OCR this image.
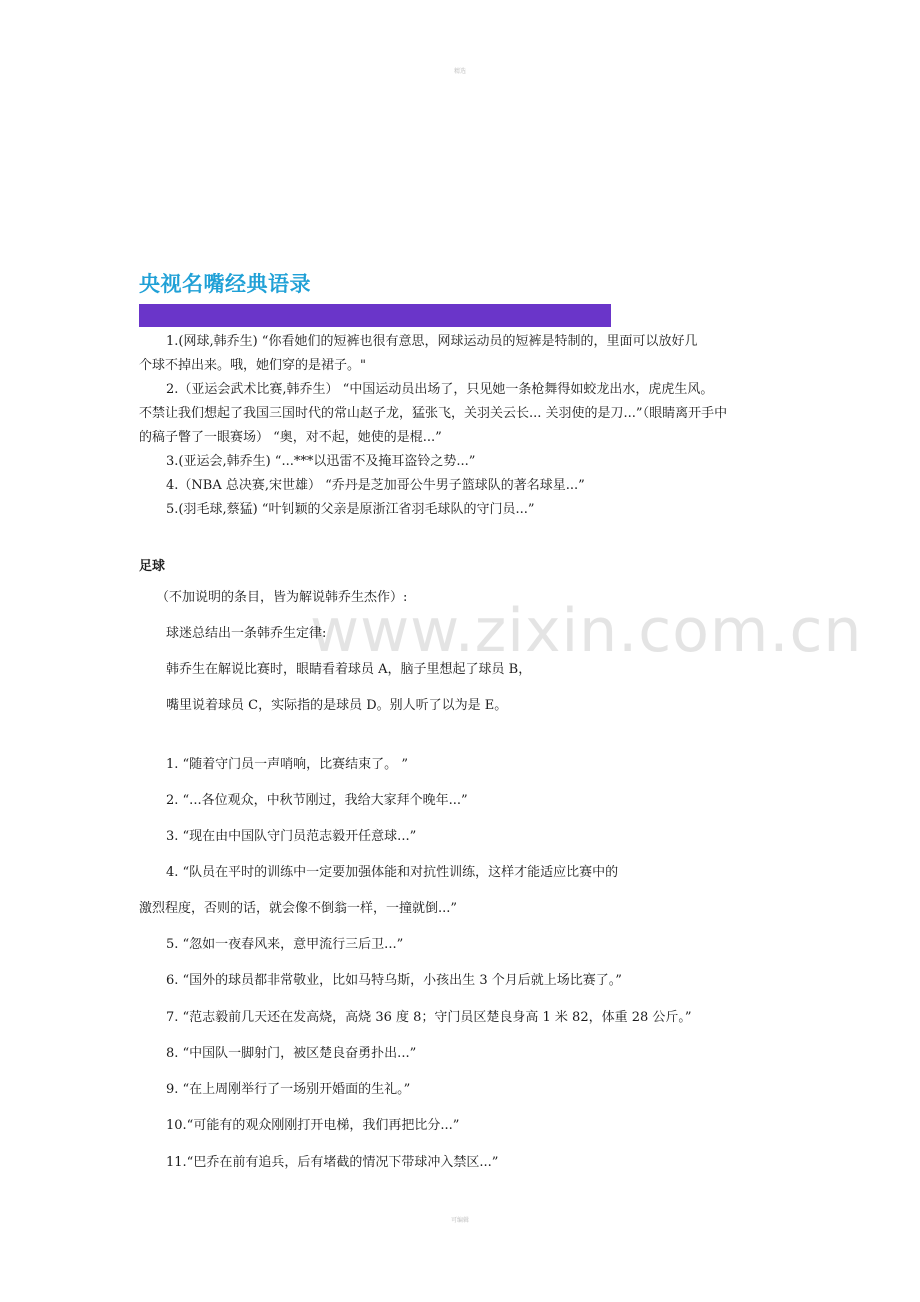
精选
www.zixin.com.cn
央视名嘴经典语录

1.(网球,韩乔生) “你看她们的短裤也很有意思，网球运动员的短裤是特制的，里面可以放好几

个球不掉出来。哦，她们穿的是裙子。"

2.（亚运会武术比赛,韩乔生） “中国运动员出场了，只见她一条枪舞得如蛟龙出水，虎虎生风。

不禁让我们想起了我国三国时代的常山赵子龙，猛张飞，关羽关云长... 关羽使的是刀...”（眼睛离开手中

的稿子瞥了一眼赛场） “奥，对不起，她使的是棍...”

3.(亚运会,韩乔生) “...***以迅雷不及掩耳盗铃之势...”

4.（NBA 总决赛,宋世雄） “乔丹是芝加哥公牛男子篮球队的著名球星...”

5.(羽毛球,蔡猛) “叶钊颖的父亲是原浙江省羽毛球队的守门员...”

足球

（不加说明的条目，皆为解说韩乔生杰作）:

球迷总结出一条韩乔生定律:

韩乔生在解说比赛时，眼睛看着球员 A，脑子里想起了球员 B，

嘴里说着球员 C，实际指的是球员 D。别人听了以为是 E。

1. “随着守门员一声哨响，比赛结束了。 ”

2. “...各位观众，中秋节刚过，我给大家拜个晚年...”

3. “现在由中国队守门员范志毅开任意球...”

4. “队员在平时的训练中一定要加强体能和对抗性训练，这样才能适应比赛中的

激烈程度，否则的话，就会像不倒翁一样，一撞就倒...”

5. “忽如一夜春风来，意甲流行三后卫...”

6. “国外的球员都非常敬业，比如马特乌斯，小孩出生 3 个月后就上场比赛了。”

7. “范志毅前几天还在发高烧，高烧 36 度 8；守门员区楚良身高 1 米 82，体重 28 公斤。”

8. “中国队一脚射门，被区楚良奋勇扑出...”

9. “在上周刚举行了一场别开婚面的生礼。”

10.“可能有的观众刚刚打开电梯，我们再把比分...”

11.“巴乔在前有追兵，后有堵截的情况下带球冲入禁区...”

可编辑
